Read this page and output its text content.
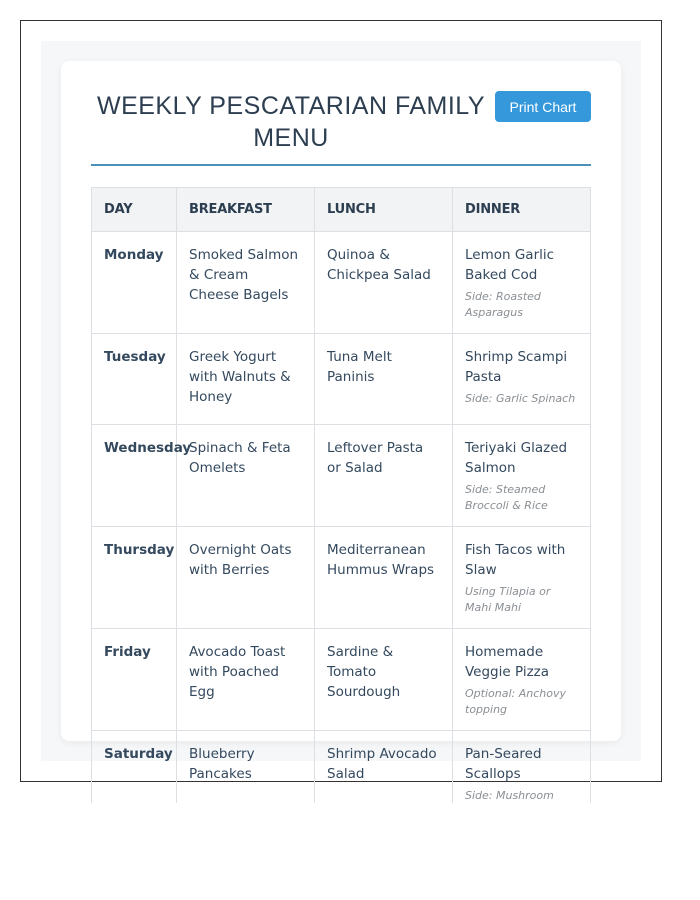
WEEKLY PESCATARIAN FAMILY MENU
Print Chart
DAY	BREAKFAST	LUNCH	DINNER
Monday	Smoked Salmon & Cream Cheese Bagels	Quinoa & Chickpea Salad	Lemon Garlic Baked Cod
Side: Roasted Asparagus

Tuesday	Greek Yogurt with Walnuts & Honey	Tuna Melt Paninis	Shrimp Scampi Pasta
Side: Garlic Spinach

Wednesday	Spinach & Feta Omelets	Leftover Pasta or Salad	Teriyaki Glazed Salmon
Side: Steamed Broccoli & Rice

Thursday	Overnight Oats with Berries	Mediterranean Hummus Wraps	Fish Tacos with Slaw
Using Tilapia or Mahi Mahi

Friday	Avocado Toast with Poached Egg	Sardine & Tomato Sourdough	Homemade Veggie Pizza
Optional: Anchovy topping

Saturday	Blueberry Pancakes	Shrimp Avocado Salad	Pan-Seared Scallops
Side: Mushroom
